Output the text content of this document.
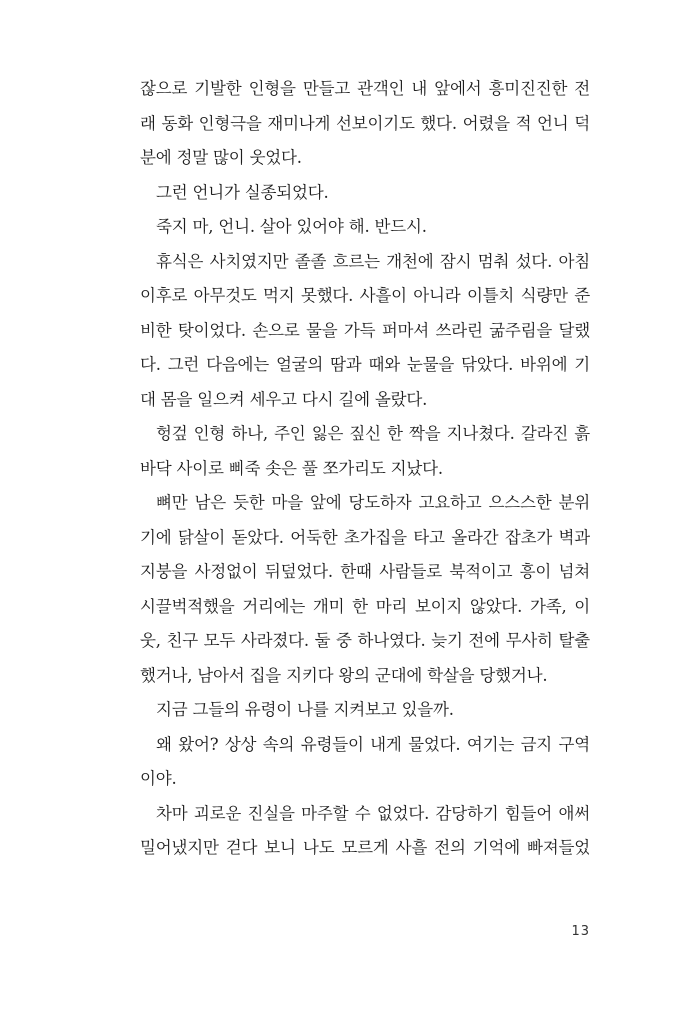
잖으로 기발한 인형을 만들고 관객인 내 앞에서 흥미진진한 전
래 동화 인형극을 재미나게 선보이기도 했다. 어렸을 적 언니 덕
분에 정말 많이 웃었다.
그런 언니가 실종되었다.
죽지 마, 언니. 살아 있어야 해. 반드시.
휴식은 사치였지만 졸졸 흐르는 개천에 잠시 멈춰 섰다. 아침
이후로 아무것도 먹지 못했다. 사흘이 아니라 이틀치 식량만 준
비한 탓이었다. 손으로 물을 가득 퍼마셔 쓰라린 굶주림을 달랬
다. 그런 다음에는 얼굴의 땀과 때와 눈물을 닦았다. 바위에 기
대 몸을 일으켜 세우고 다시 길에 올랐다.
헝겊 인형 하나, 주인 잃은 짚신 한 짝을 지나쳤다. 갈라진 흙
바닥 사이로 삐죽 솟은 풀 쪼가리도 지났다.
뼈만 남은 듯한 마을 앞에 당도하자 고요하고 으스스한 분위
기에 닭살이 돋았다. 어둑한 초가집을 타고 올라간 잡초가 벽과
지붕을 사정없이 뒤덮었다. 한때 사람들로 북적이고 흥이 넘쳐
시끌벅적했을 거리에는 개미 한 마리 보이지 않았다. 가족, 이
웃, 친구 모두 사라졌다. 둘 중 하나였다. 늦기 전에 무사히 탈출
했거나, 남아서 집을 지키다 왕의 군대에 학살을 당했거나.
지금 그들의 유령이 나를 지켜보고 있을까.
왜 왔어? 상상 속의 유령들이 내게 물었다. 여기는 금지 구역
이야.
차마 괴로운 진실을 마주할 수 없었다. 감당하기 힘들어 애써
밀어냈지만 걷다 보니 나도 모르게 사흘 전의 기억에 빠져들었
13
